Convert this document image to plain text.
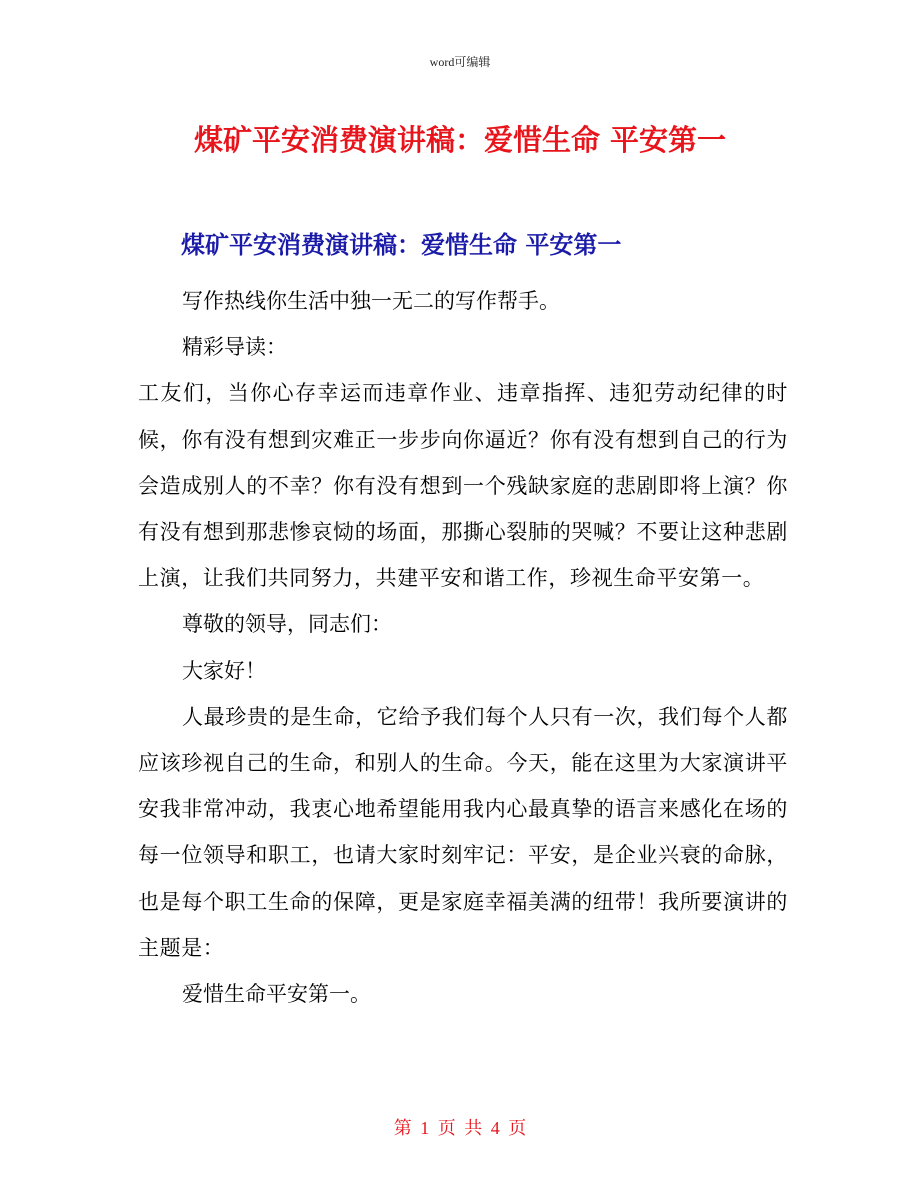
word可编辑
煤矿平安消费演讲稿：爱惜生命 平安第一
煤矿平安消费演讲稿：爱惜生命 平安第一

写作热线你生活中独一无二的写作帮手。

精彩导读：

工友们，当你心存幸运而违章作业、违章指挥、违犯劳动纪律的时候，你有没有想到灾难正一步步向你逼近？你有没有想到自己的行为会造成别人的不幸？你有没有想到一个残缺家庭的悲剧即将上演？你有没有想到那悲惨哀恸的场面，那撕心裂肺的哭喊？不要让这种悲剧上演，让我们共同努力，共建平安和谐工作，珍视生命平安第一。

尊敬的领导，同志们：

大家好！

人最珍贵的是生命，它给予我们每个人只有一次，我们每个人都应该珍视自己的生命，和别人的生命。今天，能在这里为大家演讲平安我非常冲动，我衷心地希望能用我内心最真挚的语言来感化在场的每一位领导和职工，也请大家时刻牢记：平安，是企业兴衰的命脉，也是每个职工生命的保障，更是家庭幸福美满的纽带！我所要演讲的主题是：

爱惜生命平安第一。

第 1 页 共 4 页
